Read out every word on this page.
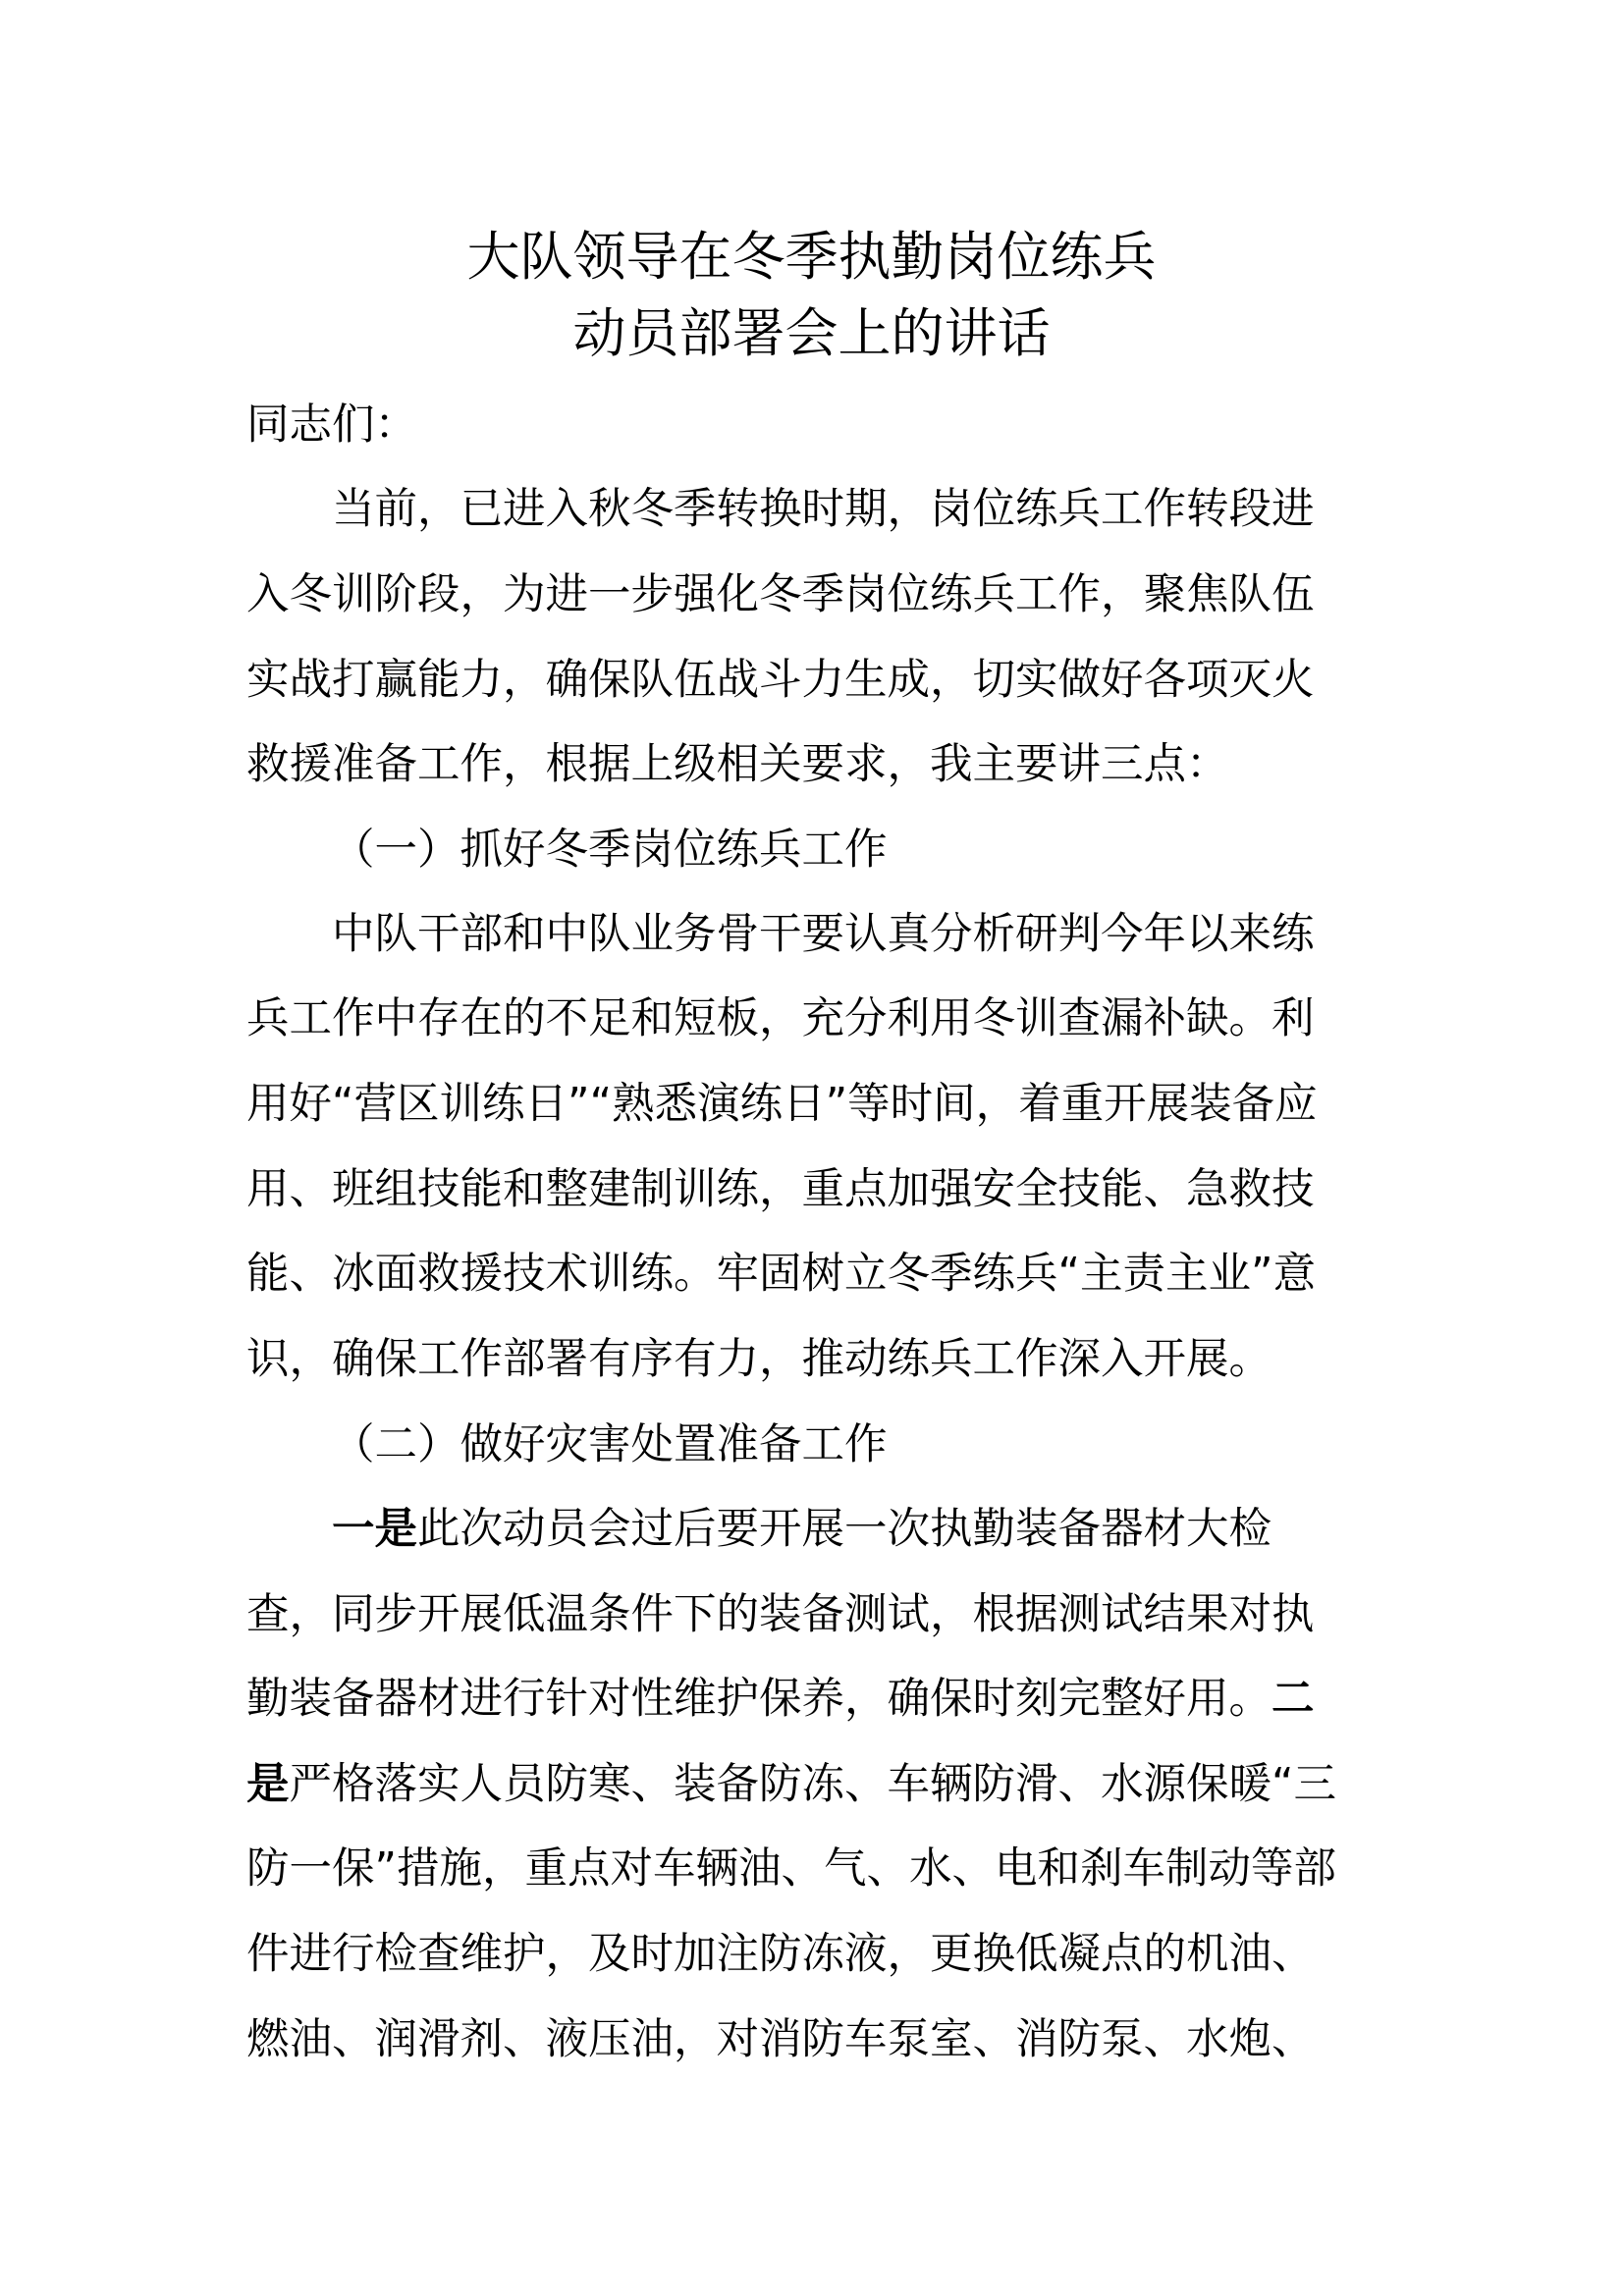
大队领导在冬季执勤岗位练兵
动员部署会上的讲话
同志们：
当前，已进入秋冬季转换时期，岗位练兵工作转段进
入冬训阶段，为进一步强化冬季岗位练兵工作，聚焦队伍
实战打赢能力，确保队伍战斗力生成，切实做好各项灭火
救援准备工作，根据上级相关要求，我主要讲三点：
（一）抓好冬季岗位练兵工作
中队干部和中队业务骨干要认真分析研判今年以来练
兵工作中存在的不足和短板，充分利用冬训查漏补缺。利
用好“营区训练日”“熟悉演练日”等时间，着重开展装备应
用、班组技能和整建制训练，重点加强安全技能、急救技
能、冰面救援技术训练。牢固树立冬季练兵“主责主业”意
识，确保工作部署有序有力，推动练兵工作深入开展。
（二）做好灾害处置准备工作
一是此次动员会过后要开展一次执勤装备器材大检
查，同步开展低温条件下的装备测试，根据测试结果对执
勤装备器材进行针对性维护保养，确保时刻完整好用。二
是严格落实人员防寒、装备防冻、车辆防滑、水源保暖“三
防一保”措施，重点对车辆油、气、水、电和刹车制动等部
件进行检查维护，及时加注防冻液，更换低凝点的机油、
燃油、润滑剂、液压油，对消防车泵室、消防泵、水炮、
